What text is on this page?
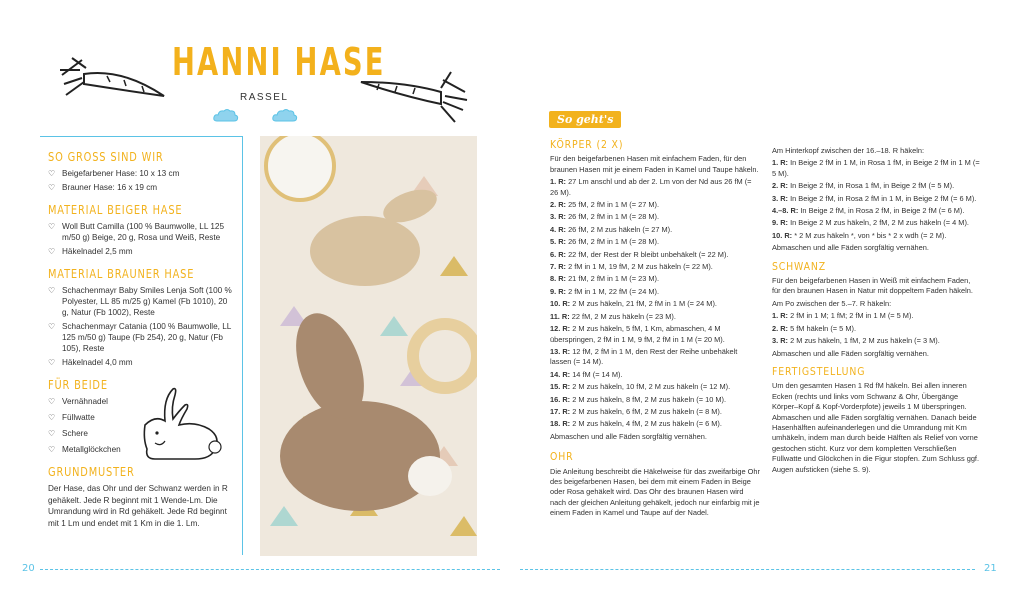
HANNI HASE
RASSEL
SO GROSS SIND WIR
♡ Beigefarbener Hase: 10 x 13 cm
♡ Brauner Hase: 16 x 19 cm
MATERIAL BEIGER HASE
♡ Woll Butt Camilla (100 % Baumwolle, LL 125 m/50 g) Beige, 20 g, Rosa und Weiß, Reste
♡ Häkelnadel 2,5 mm
MATERIAL BRAUNER HASE
♡ Schachenmayr Baby Smiles Lenja Soft (100 % Polyester, LL 85 m/25 g) Kamel (Fb 1010), 20 g, Natur (Fb 1002), Reste
♡ Schachenmayr Catania (100 % Baumwolle, LL 125 m/50 g) Taupe (Fb 254), 20 g, Natur (Fb 105), Reste
♡ Häkelnadel 4,0 mm
FÜR BEIDE
♡ Vernähnadel
♡ Füllwatte
♡ Schere
♡ Metallglöckchen
GRUNDMUSTER
Der Hase, das Ohr und der Schwanz werden in R gehäkelt. Jede R beginnt mit 1 Wende-Lm. Die Umrandung wird in Rd gehäkelt. Jede Rd beginnt mit 1 Lm und endet mit 1 Km in die 1. Lm.
So geht's
KÖRPER (2 X)

Für den beigefarbenen Hasen mit einfachem Faden, für den braunen Hasen mit je einem Faden in Kamel und Taupe häkeln.

1. R: 27 Lm anschl und ab der 2. Lm von der Nd aus 26 fM (= 26 M).

2. R: 25 fM, 2 fM in 1 M (= 27 M).

3. R: 26 fM, 2 fM in 1 M (= 28 M).

4. R: 26 fM, 2 M zus häkeln (= 27 M).

5. R: 26 fM, 2 fM in 1 M (= 28 M).

6. R: 22 fM, der Rest der R bleibt unbehäkelt (= 22 M).

7. R: 2 fM in 1 M, 19 fM, 2 M zus häkeln (= 22 M).

8. R: 21 fM, 2 fM in 1 M (= 23 M).

9. R: 2 fM in 1 M, 22 fM (= 24 M).

10. R: 2 M zus häkeln, 21 fM, 2 fM in 1 M (= 24 M).

11. R: 22 fM, 2 M zus häkeln (= 23 M).

12. R: 2 M zus häkeln, 5 fM, 1 Km, abmaschen, 4 M überspringen, 2 fM in 1 M, 9 fM, 2 fM in 1 M (= 20 M).

13. R: 12 fM, 2 fM in 1 M, den Rest der Reihe unbehäkelt lassen (= 14 M).

14. R: 14 fM (= 14 M).

15. R: 2 M zus häkeln, 10 fM, 2 M zus häkeln (= 12 M).

16. R: 2 M zus häkeln, 8 fM, 2 M zus häkeln (= 10 M).

17. R: 2 M zus häkeln, 6 fM, 2 M zus häkeln (= 8 M).

18. R: 2 M zus häkeln, 4 fM, 2 M zus häkeln (= 6 M).

Abmaschen und alle Fäden sorgfältig vernähen.

OHR

Die Anleitung beschreibt die Häkelweise für das zweifarbige Ohr des beigefarbenen Hasen, bei dem mit einem Faden in Beige oder Rosa gehäkelt wird. Das Ohr des braunen Hasen wird nach der gleichen Anleitung gehäkelt, jedoch nur einfarbig mit je einem Faden in Kamel und Taupe auf der Nadel.

Am Hinterkopf zwischen der 16.–18. R häkeln:

1. R: In Beige 2 fM in 1 M, in Rosa 1 fM, in Beige 2 fM in 1 M (= 5 M).

2. R: In Beige 2 fM, in Rosa 1 fM, in Beige 2 fM (= 5 M).

3. R: In Beige 2 fM, in Rosa 2 fM in 1 M, in Beige 2 fM (= 6 M).

4.–8. R: In Beige 2 fM, in Rosa 2 fM, in Beige 2 fM (= 6 M).

9. R: In Beige 2 M zus häkeln, 2 fM, 2 M zus häkeln (= 4 M).

10. R: * 2 M zus häkeln *, von * bis * 2 x wdh (= 2 M).

Abmaschen und alle Fäden sorgfältig vernähen.

SCHWANZ

Für den beigefarbenen Hasen in Weiß mit einfachem Faden, für den braunen Hasen in Natur mit doppeltem Faden häkeln.

Am Po zwischen der 5.–7. R häkeln:

1. R: 2 fM in 1 M; 1 fM; 2 fM in 1 M (= 5 M).

2. R: 5 fM häkeln (= 5 M).

3. R: 2 M zus häkeln, 1 fM, 2 M zus häkeln (= 3 M).

Abmaschen und alle Fäden sorgfältig vernähen.

FERTIGSTELLUNG

Um den gesamten Hasen 1 Rd fM häkeln. Bei allen inneren Ecken (rechts und links vom Schwanz & Ohr, Übergänge Körper–Kopf & Kopf-Vorderpfote) jeweils 1 M überspringen. Abmaschen und alle Fäden sorgfältig vernähen. Danach beide Hasenhälften aufeinanderlegen und die Umrandung mit Km umhäkeln, indem man durch beide Hälften als Relief von vorne gestochen sticht. Kurz vor dem kompletten Verschließen Füllwatte und Glöckchen in die Figur stopfen. Zum Schluss ggf. Augen aufsticken (siehe S. 9).

20	21
